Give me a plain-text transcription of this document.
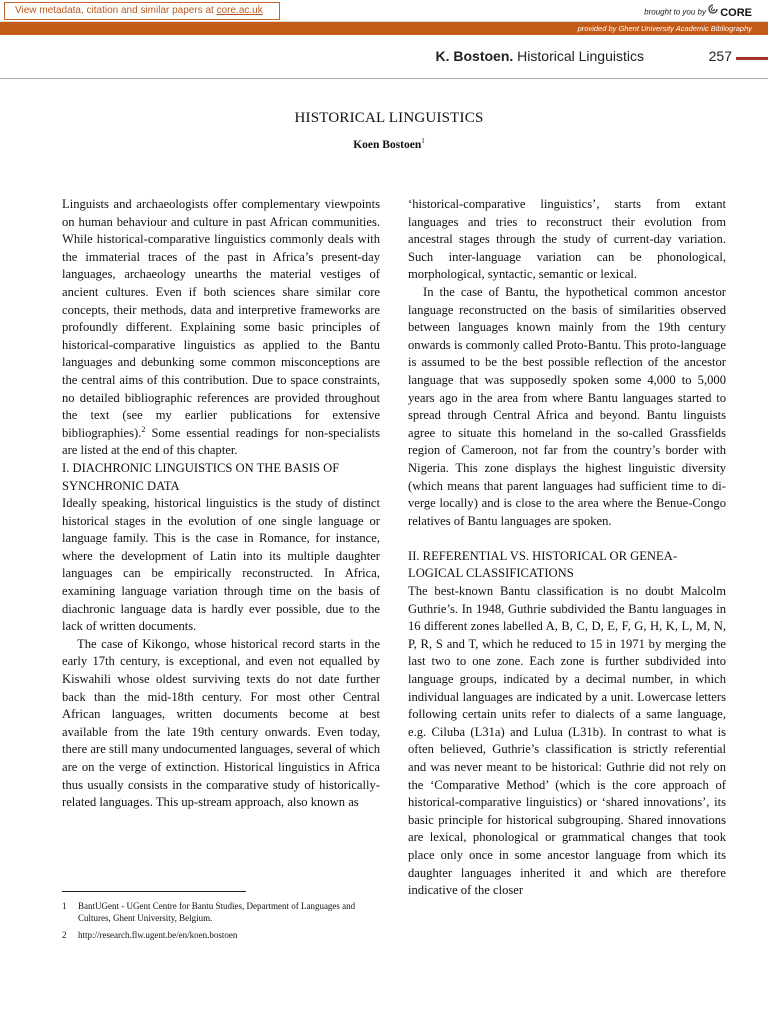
View metadata, citation and similar papers at core.ac.uk	brought to you by CORE
provided by Ghent University Academic Bibliography
K. Bostoen. Historical Linguistics	257
HISTORICAL LINGUISTICS
Koen Bostoen$^1$

Linguists and archaeologists offer complementary viewpoints on human behaviour and culture in past African communities. While historical-comparative linguistics commonly deals with the immaterial traces of the past in Africa’s present-day languages, archaeology unearths the material vestiges of ancient cultures. Even if both sciences share similar core concepts, their methods, data and interpretive frameworks are profoundly different. Explaining some basic principles of historical-comparative linguistics as applied to the Bantu languages and debunking some common misconceptions are the central aims of this contribution. Due to space constraints, no detailed bibliographic references are provided throughout the text (see my earlier publications for extensive bibliographies).$^2$ Some essential readings for non-specialists are listed at the end of this chapter.

I. DIACHRONIC LINGUISTICS ON THE BASIS OF SYNCHRONIC DATA

Ideally speaking, historical linguistics is the study of distinct historical stages in the evolution of one single language or language family. This is the case in Romance, for instance, where the development of Latin into its multiple daughter languages can be empirically reconstructed. In Africa, examining language variation through time on the basis of diachronic language data is hardly ever possible, due to the lack of written documents.

The case of Kikongo, whose historical record starts in the early 17th century, is exceptional, and even not equalled by Kiswahili whose oldest surviving texts do not date further back than the mid-18th century. For most other Central African languages, written documents become at best available from the late 19th century onwards. Even today, there are still many undocumented languages, several of which are on the verge of extinction. Historical linguistics in Africa thus usually consists in the comparative study of historically-related languages. This up-stream approach, also known as

‘historical-comparative linguistics’, starts from extant languages and tries to reconstruct their evolution from ancestral stages through the study of current-day variation. Such inter-language variation can be phonological, morphological, syntactic, semantic or lexical.

In the case of Bantu, the hypothetical common ancestor language reconstructed on the basis of similarities observed between languages known mainly from the 19th century onwards is commonly called Proto-Bantu. This proto-language is assumed to be the best possible reflection of the ancestor language that was supposedly spoken some 4,000 to 5,000 years ago in the area from where Bantu languages started to spread through Central Africa and beyond. Bantu linguists agree to situate this homeland in the so-called Grassfields region of Cameroon, not far from the country’s border with Nigeria. This zone displays the highest linguistic diversity (which means that parent languages had sufficient time to diverge locally) and is close to the area where the Benue-Congo relatives of Bantu languages are spoken.

II. REFERENTIAL VS. HISTORICAL OR GENEALOGICAL CLASSIFICATIONS

The best-known Bantu classification is no doubt Malcolm Guthrie’s. In 1948, Guthrie subdivided the Bantu languages in 16 different zones labelled A, B, C, D, E, F, G, H, K, L, M, N, P, R, S and T, which he reduced to 15 in 1971 by merging the last two to one zone. Each zone is further subdivided into language groups, indicated by a decimal number, in which individual languages are indicated by a unit. Lowercase letters following certain units refer to dialects of a same language, e.g. Ciluba (L31a) and Lulua (L31b). In contrast to what is often believed, Guthrie’s classification is strictly referential and was never meant to be historical: Guthrie did not rely on the ‘Comparative Method’ (which is the core approach of historical-comparative linguistics) or ‘shared innovations’, its basic principle for historical subgrouping. Shared innovations are lexical, phonological or grammatical changes that took place only once in some ancestor language from which its daughter languages inherited it and which are therefore indicative of the closer

1	BantUGent - UGent Centre for Bantu Studies, Department of Languages and Cultures, Ghent University, Belgium.
2	http://research.flw.ugent.be/en/koen.bostoen
